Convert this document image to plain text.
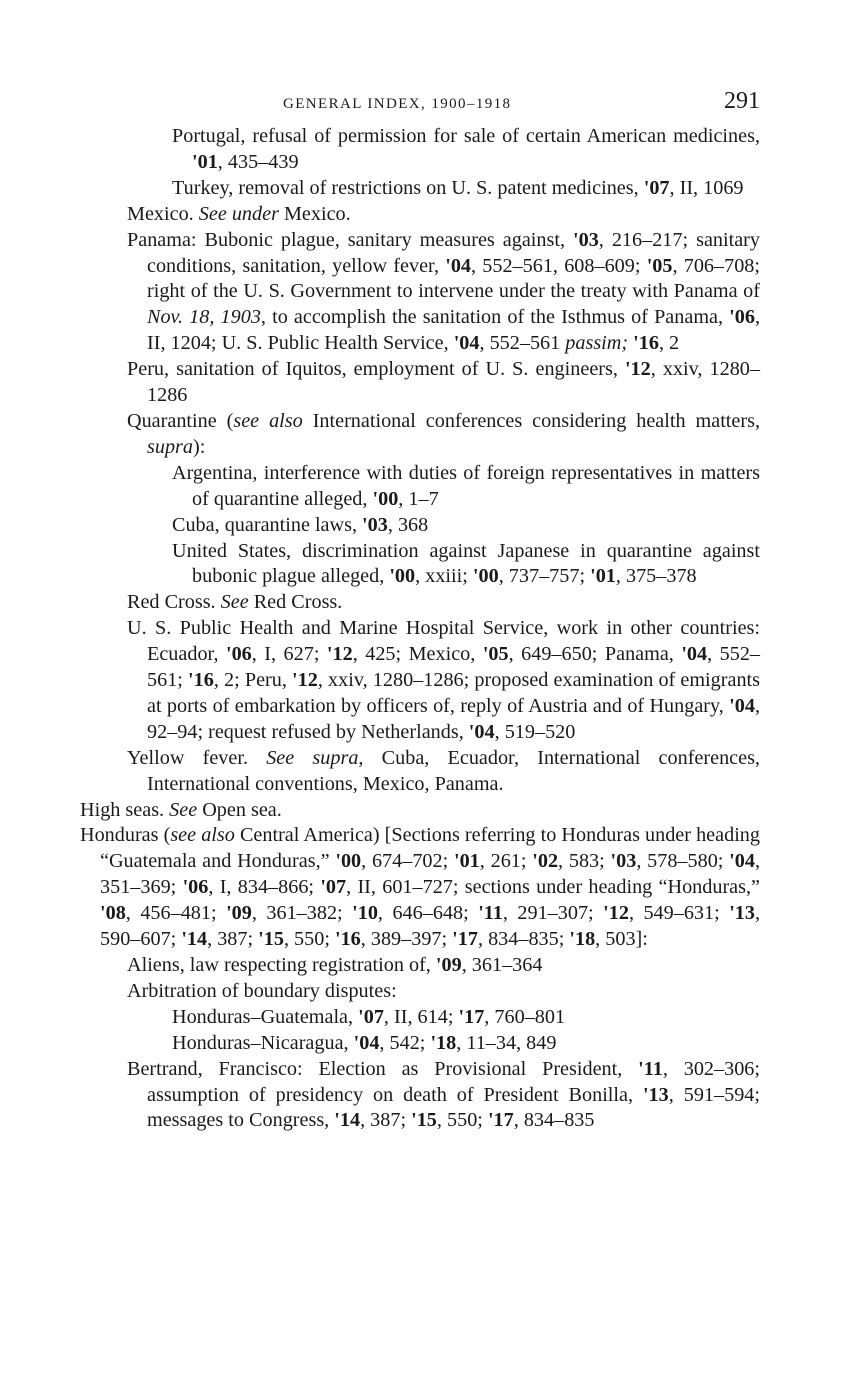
GENERAL INDEX, 1900–1918	291
Portugal, refusal of permission for sale of certain American medicines, '01, 435–439
Turkey, removal of restrictions on U. S. patent medicines, '07, II, 1069
Mexico. See under Mexico.
Panama: Bubonic plague, sanitary measures against, '03, 216–217; sanitary conditions, sanitation, yellow fever, '04, 552–561, 608–609; '05, 706–708; right of the U. S. Government to intervene under the treaty with Panama of Nov. 18, 1903, to accomplish the sanitation of the Isthmus of Panama, '06, II, 1204; U. S. Public Health Service, '04, 552–561 passim; '16, 2
Peru, sanitation of Iquitos, employment of U. S. engineers, '12, xxiv, 1280–1286
Quarantine (see also International conferences considering health matters, supra):
Argentina, interference with duties of foreign representatives in matters of quarantine alleged, '00, 1–7
Cuba, quarantine laws, '03, 368
United States, discrimination against Japanese in quarantine against bubonic plague alleged, '00, xxiii; '00, 737–757; '01, 375–378
Red Cross. See Red Cross.
U. S. Public Health and Marine Hospital Service, work in other countries: Ecuador, '06, I, 627; '12, 425; Mexico, '05, 649–650; Panama, '04, 552–561; '16, 2; Peru, '12, xxiv, 1280–1286; proposed examination of emigrants at ports of embarkation by officers of, reply of Austria and of Hungary, '04, 92–94; request refused by Netherlands, '04, 519–520
Yellow fever. See supra, Cuba, Ecuador, International conferences, International conventions, Mexico, Panama.
High seas. See Open sea.
Honduras (see also Central America) [Sections referring to Honduras under heading “Guatemala and Honduras,” '00, 674–702; '01, 261; '02, 583; '03, 578–580; '04, 351–369; '06, I, 834–866; '07, II, 601–727; sections under heading “Honduras,” '08, 456–481; '09, 361–382; '10, 646–648; '11, 291–307; '12, 549–631; '13, 590–607; '14, 387; '15, 550; '16, 389–397; '17, 834–835; '18, 503]:
Aliens, law respecting registration of, '09, 361–364
Arbitration of boundary disputes:
Honduras–Guatemala, '07, II, 614; '17, 760–801
Honduras–Nicaragua, '04, 542; '18, 11–34, 849
Bertrand, Francisco: Election as Provisional President, '11, 302–306; assumption of presidency on death of President Bonilla, '13, 591–594; messages to Congress, '14, 387; '15, 550; '17, 834–835
